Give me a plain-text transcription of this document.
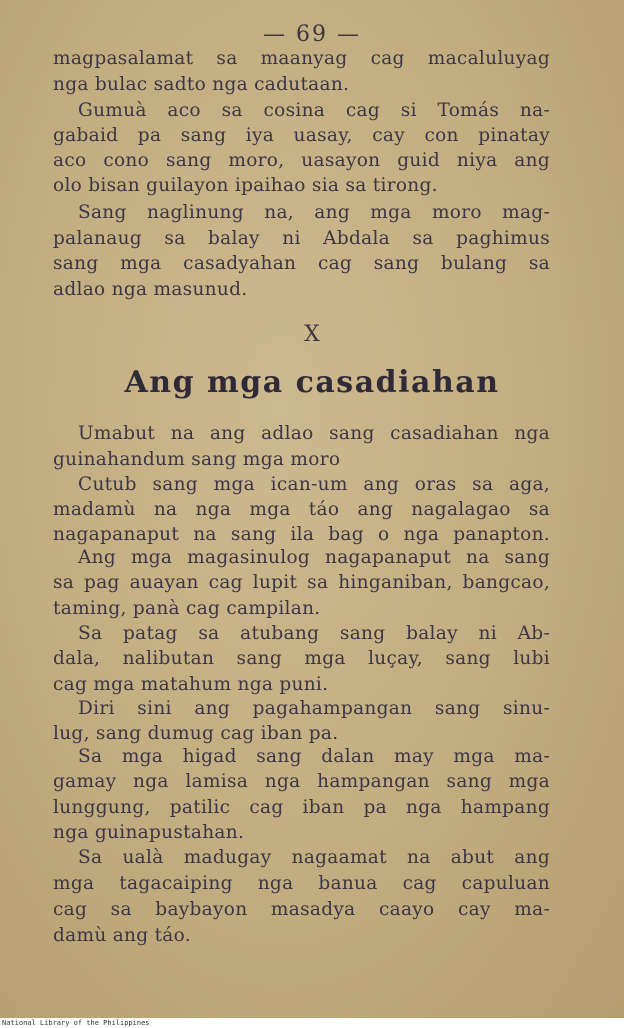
— 69 —
magpasalamat sa maanyag cag macaluluyag
nga bulac sadto nga cadutaan.
Gumuà aco sa cosina cag si Tomás na-
gabaid pa sang iya uasay, cay con pinatay
aco cono sang moro, uasayon guid niya ang
olo bisan guilayon ipaihao sia sa tirong.
Sang naglinung na, ang mga moro mag-
palanaug sa balay ni Abdala sa paghimus
sang mga casadyahan cag sang bulang sa
adlao nga masunud.
X
Ang mga casadiahan
Umabut na ang adlao sang casadiahan nga
guinahandum sang mga moro
Cutub sang mga ican-um ang oras sa aga,
madamù na nga mga táo ang nagalagao sa
nagapanaput na sang ila bag o nga panapton.
Ang mga magasinulog nagapanaput na sang
sa pag auayan cag lupit sa hinganiban, bangcao,
taming, panà cag campilan.
Sa patag sa atubang sang balay ni Ab-
dala, nalibutan sang mga luçay, sang lubi
cag mga matahum nga puni.
Diri sini ang pagahampangan sang sinu-
lug, sang dumug cag iban pa.
Sa mga higad sang dalan may mga ma-
gamay nga lamisa nga hampangan sang mga
lunggung, patilic cag iban pa nga hampang
nga guinapustahan.
Sa ualà madugay nagaamat na abut ang
mga tagacaiping nga banua cag capuluan
cag sa baybayon masadya caayo cay ma-
damù ang táo.
National Library of the Philippines
